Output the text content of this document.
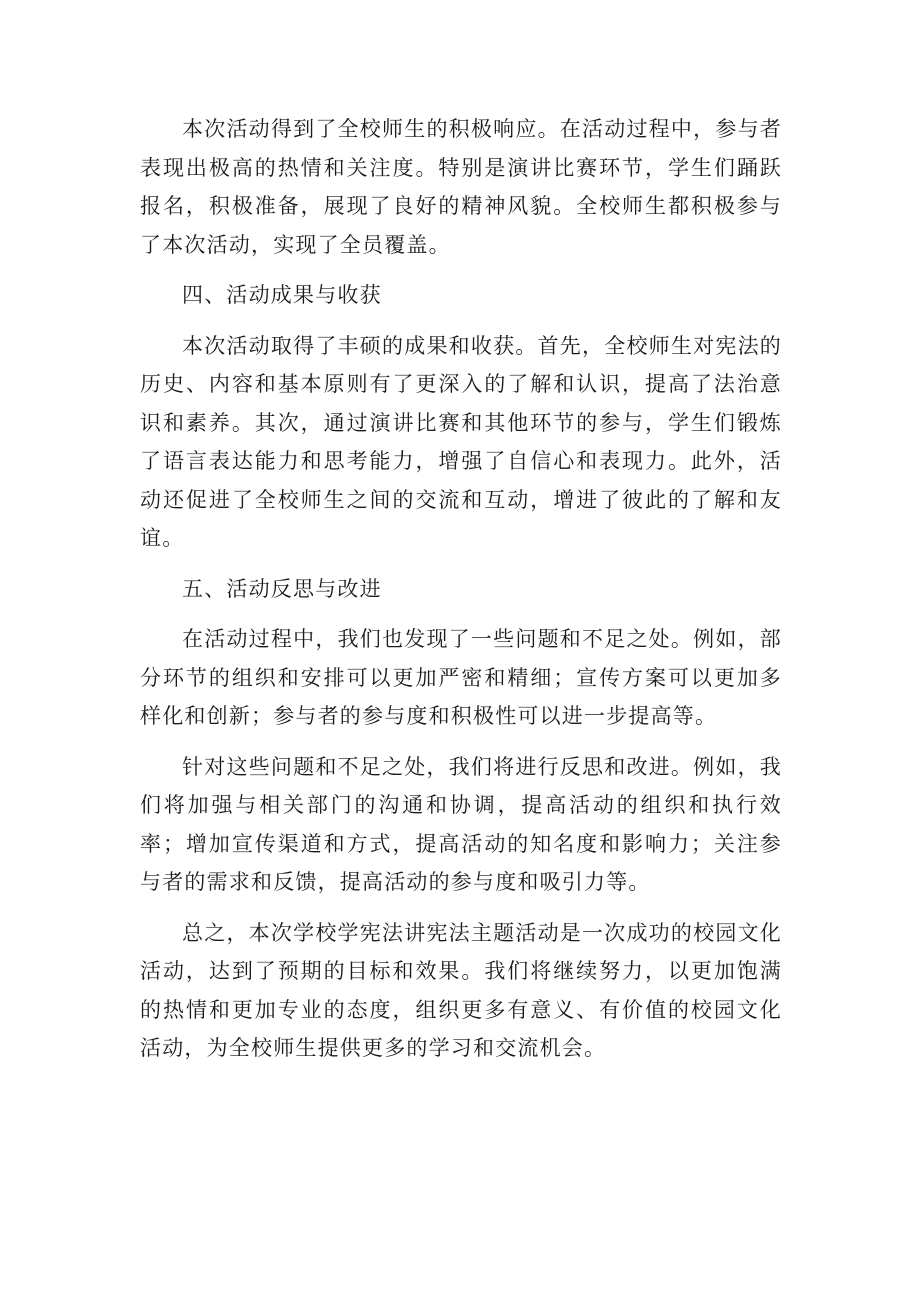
本次活动得到了全校师生的积极响应。在活动过程中，参与者表现出极高的热情和关注度。特别是演讲比赛环节，学生们踊跃报名，积极准备，展现了良好的精神风貌。全校师生都积极参与了本次活动，实现了全员覆盖。

四、活动成果与收获

本次活动取得了丰硕的成果和收获。首先，全校师生对宪法的历史、内容和基本原则有了更深入的了解和认识，提高了法治意识和素养。其次，通过演讲比赛和其他环节的参与，学生们锻炼了语言表达能力和思考能力，增强了自信心和表现力。此外，活动还促进了全校师生之间的交流和互动，增进了彼此的了解和友谊。

五、活动反思与改进

在活动过程中，我们也发现了一些问题和不足之处。例如，部分环节的组织和安排可以更加严密和精细；宣传方案可以更加多样化和创新；参与者的参与度和积极性可以进一步提高等。

针对这些问题和不足之处，我们将进行反思和改进。例如，我们将加强与相关部门的沟通和协调，提高活动的组织和执行效率；增加宣传渠道和方式，提高活动的知名度和影响力；关注参与者的需求和反馈，提高活动的参与度和吸引力等。

总之，本次学校学宪法讲宪法主题活动是一次成功的校园文化活动，达到了预期的目标和效果。我们将继续努力，以更加饱满的热情和更加专业的态度，组织更多有意义、有价值的校园文化活动，为全校师生提供更多的学习和交流机会。
